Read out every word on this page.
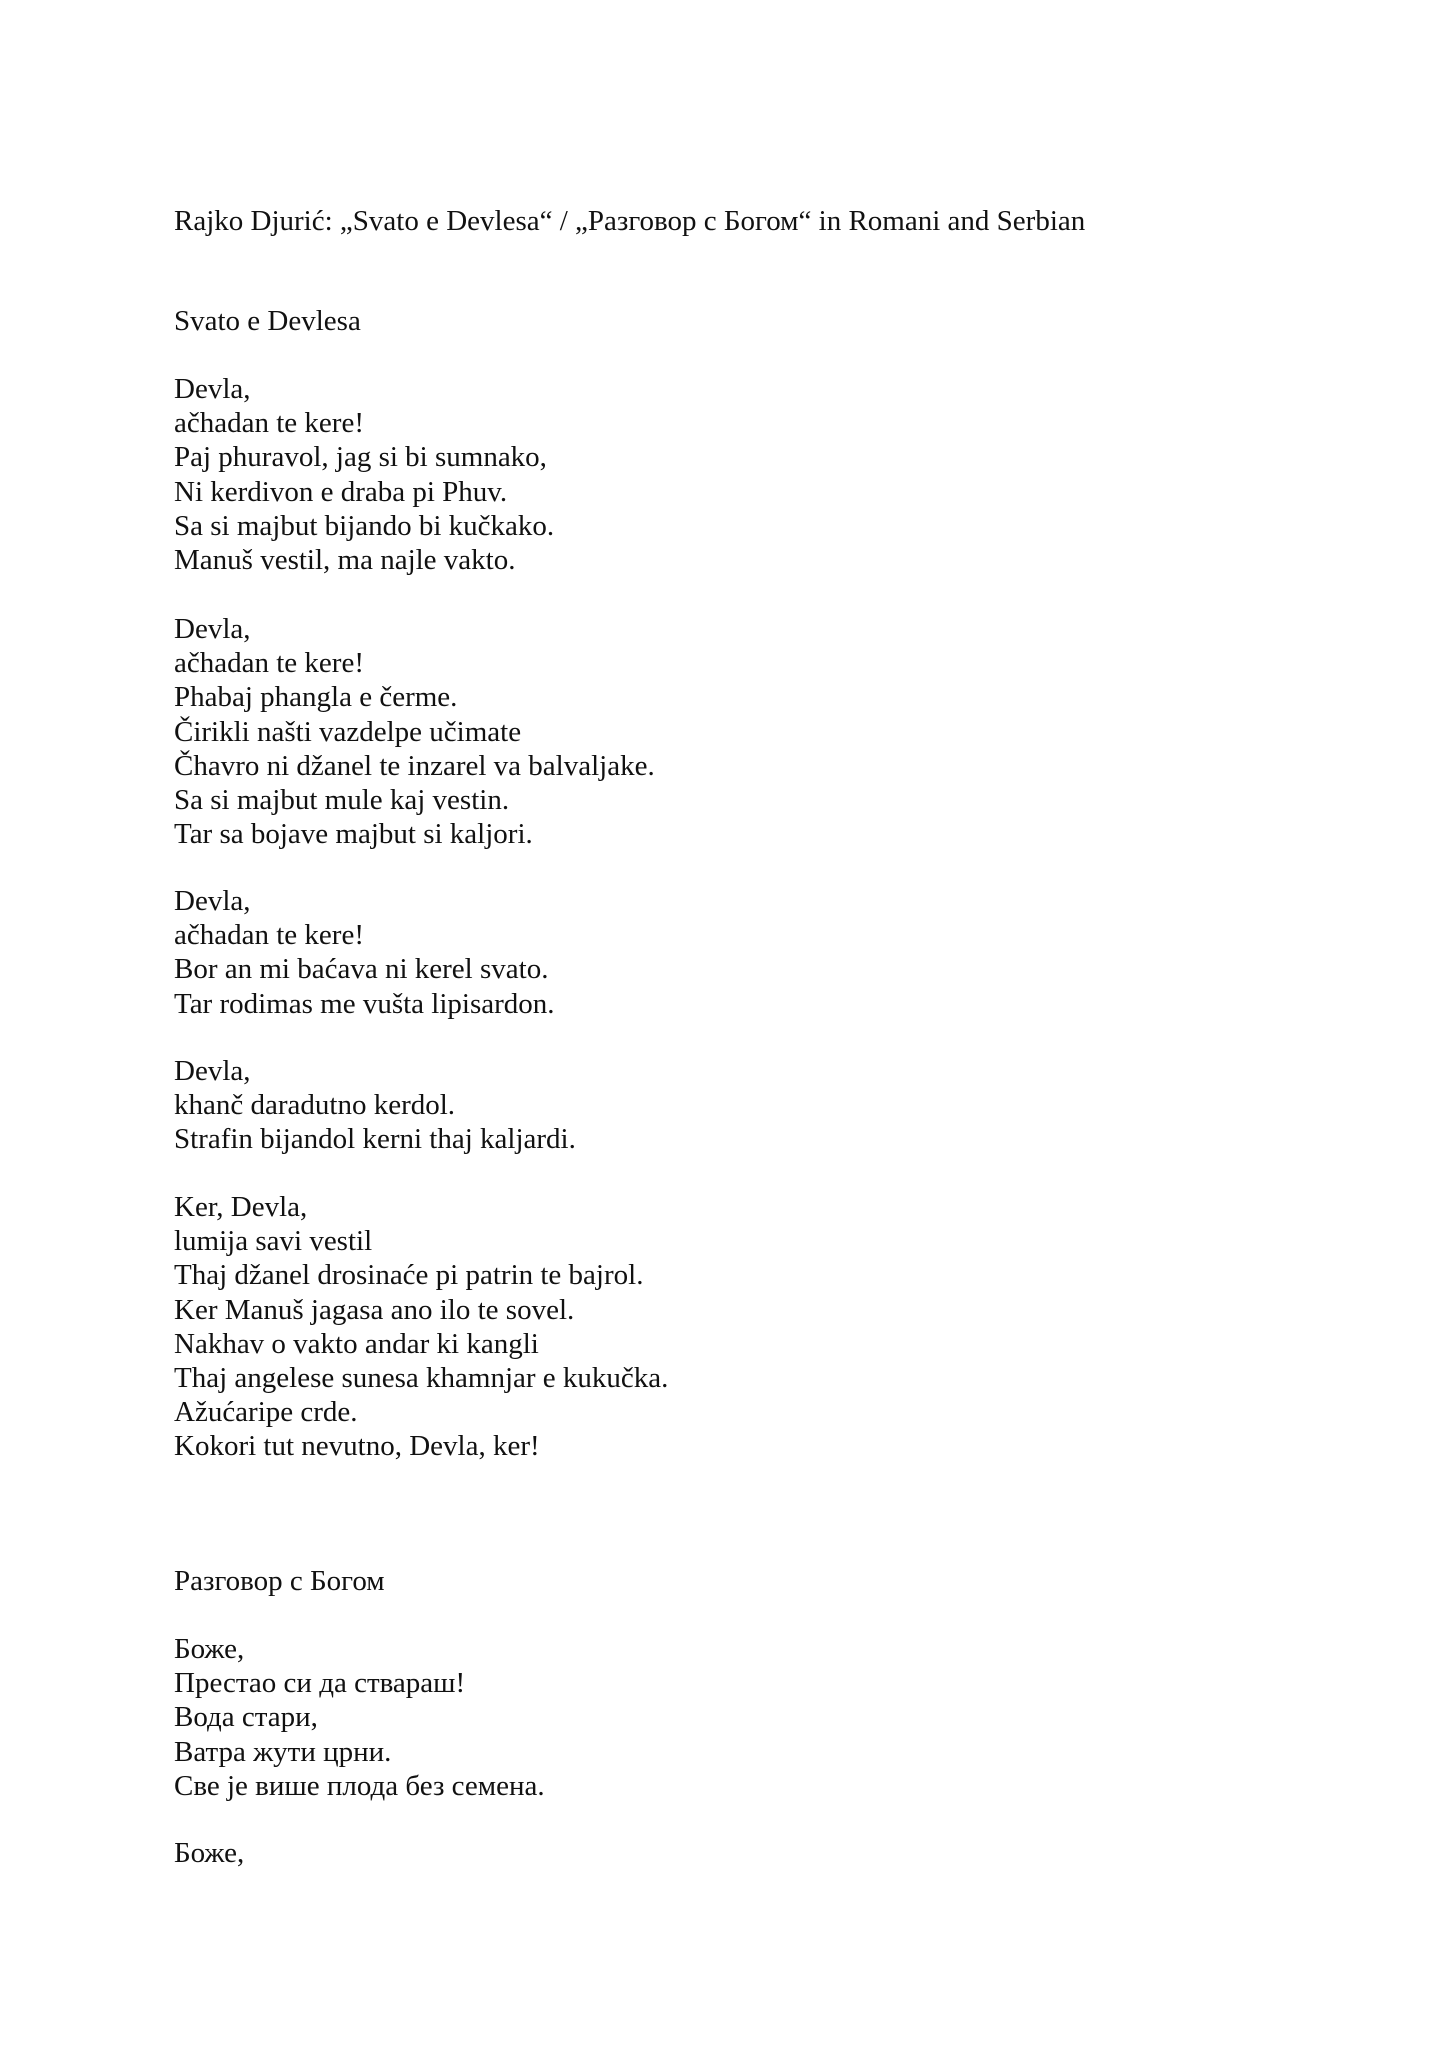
Rajko Djurić: „Svato e Devlesa“ / „Разговор с Богом“ in Romani and Serbian
Svato e Devlesa
Devla,
ačhadan te kere!
Paj phuravol, jag si bi sumnako,
Ni kerdivon e draba pi Phuv.
Sa si majbut bijando bi kučkako.
Manuš vestil, ma najle vakto.
Devla,
ačhadan te kere!
Phabaj phangla e čerme.
Čirikli našti vazdelpe učimate
Čhavro ni džanel te inzarel va balvaljake.
Sa si majbut mule kaj vestin.
Tar sa bojave majbut si kaljori.
Devla,
ačhadan te kere!
Bor an mi baćava ni kerel svato.
Tar rodimas me vušta lipisardon.
Devla,
khanč daradutno kerdol.
Strafin bijandol kerni thaj kaljardi.
Ker, Devla,
lumija savi vestil
Thaj džanel drosinaće pi patrin te bajrol.
Ker Manuš jagasa ano ilo te sovel.
Nakhav o vakto andar ki kangli
Thaj angelese sunesa khamnjar e kukučka.
Ažućaripe crde.
Kokori tut nevutno, Devla, ker!
Разговор с Богом
Боже,
Престао си да ствараш!
Вода стари,
Ватра жути црни.
Све је више плода без семена.
Боже,
